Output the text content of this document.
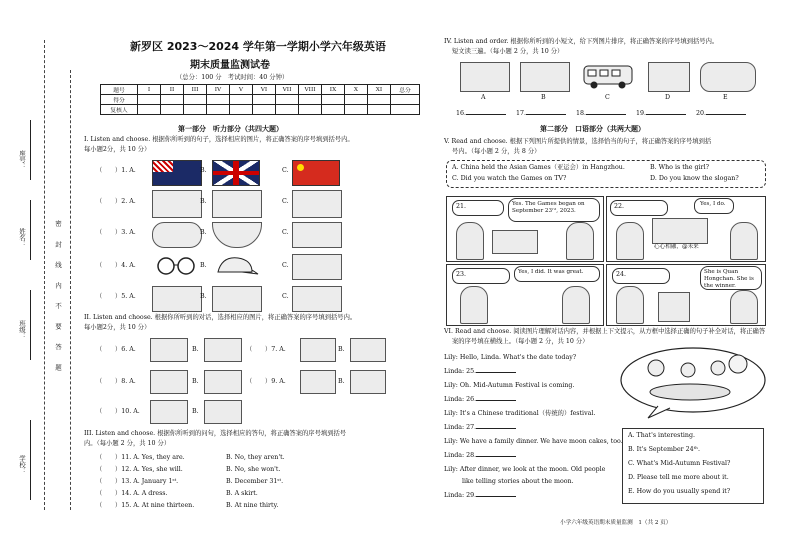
座号：
姓名：
班级：
学校：
密 封 线 内 不 要 答 题
新罗区 2023～2024 学年第一学期小学六年级英语
期末质量监测试卷
（总分：100 分　考试时间：40 分钟）
题号	I	II	III	IV	V	VI	VII	VIII	IX	X	XI	总分
得分												
复核人												
第一部分　听力部分（共四大题）
I. Listen and choose. 根据你所听到的句子，选择相应的图片，将正确答案的序号填到括号内。
每小题2分，共 10 分）
（　　）1. A.	B.	C.
（　　）2. A.	B.	C.
（　　）3. A.	B.	C.
（　　）4. A.	B.	C.
（　　）5. A.	B.	C.
II. Listen and choose. 根据你所听到的对话，选择相应的图片，将正确答案的序号填到括号内。
每小题2分，共 10 分）
（　　）6. A.	B.	（　　）7. A.	B.
（　　）8. A.	B.	（　　）9. A.	B.
（　　）10. A.	B.
III. Listen and choose. 根据你所听到的问句，选择相应的答句，将正确答案的序号填到括号
内。（每小题 2 分，共 10 分）
（　　）11. A. Yes, they are.	B. No, they aren't.
（　　）12. A. Yes, she will.	B. No, she won't.
（　　）13. A. January 1ˢᵗ.	B. December 31ˢᵗ.
（　　）14. A. A dress.	B. A skirt.
（　　）15. A. At nine thirteen.	B. At nine thirty.
IV. Listen and order. 根据你所听到的小短文，给下列图片排序，将正确答案的序号填到括号内。
短文读三遍。（每小题 2 分，共 10 分）
A	B	C	D	E
16.	17.	18.	19.	20.
第二部分　口语部分（共两大题）
V. Read and choose. 根据下列图片所提供的情景，选择恰当的句子，将正确答案的序号填到括
号内。（每小题 2 分，共 8 分）
A. China held the Asian Games（亚运会）in Hangzhou.	B. Who is the girl?
C. Did you watch the Games on TV?	D. Do you know the slogan?
21.	Yes. The Games began on September 23ʳᵈ, 2023.
22.	Yes, I do.
心心相融，@未来
23.	Yes, I did. It was great.	24.	She is Quan Hongchan. She is the winner.
VI. Read and choose. 阅读图片理解对话内容，并根据上下文提示，从方框中选择正确的句子补全对话，将正确答
案的序号填在横线上。（每小题 2 分，共 10 分）
Lily: Hello, Linda. What's the date today?
Linda: 25.
Lily: Oh. Mid-Autumn Festival is coming.
Linda: 26.
Lily: It's a Chinese traditional（传统的）festival.
Linda: 27.
Lily: We have a family dinner. We have moon cakes, too.
Linda: 28.
Lily: After dinner, we look at the moon. Old people
like telling stories about the moon.
Linda: 29.
A. That's interesting.
B. It's September 24ᵗʰ.
C. What's Mid-Autumn Festival?
D. Please tell me more about it.
E. How do you usually spend it?
小学六年级英语期末质量监测　1（共 2 页）
